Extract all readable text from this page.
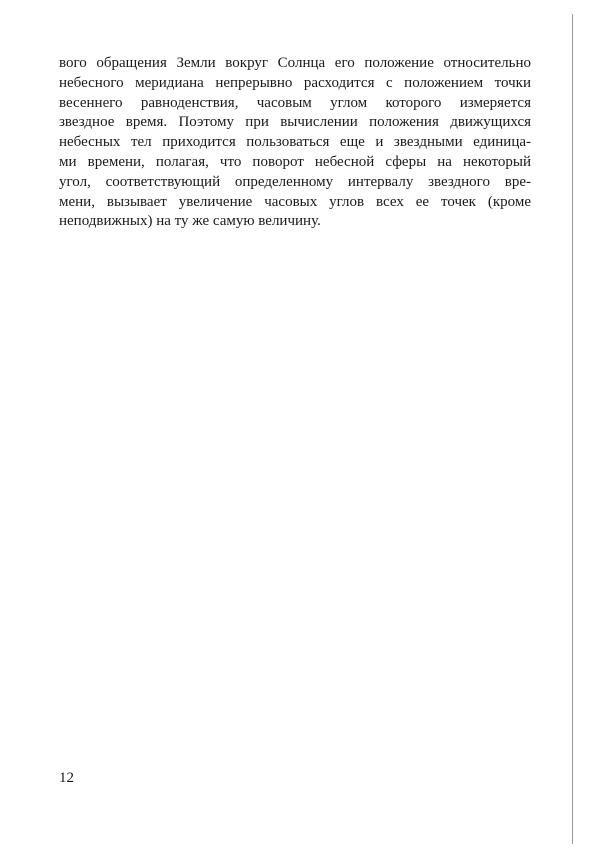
вого обращения Земли вокруг Солнца его положение относительно
небесного меридиана непрерывно расходится с положением точки
весеннего равноденствия, часовым углом которого измеряется
звездное время. Поэтому при вычислении положения движущихся
небесных тел приходится пользоваться еще и звездными единица-
ми времени, полагая, что поворот небесной сферы на некоторый
угол, соответствующий определенному интервалу звездного вре-
мени, вызывает увеличение часовых углов всех ее точек (кроме
неподвижных) на ту же самую величину.
12
